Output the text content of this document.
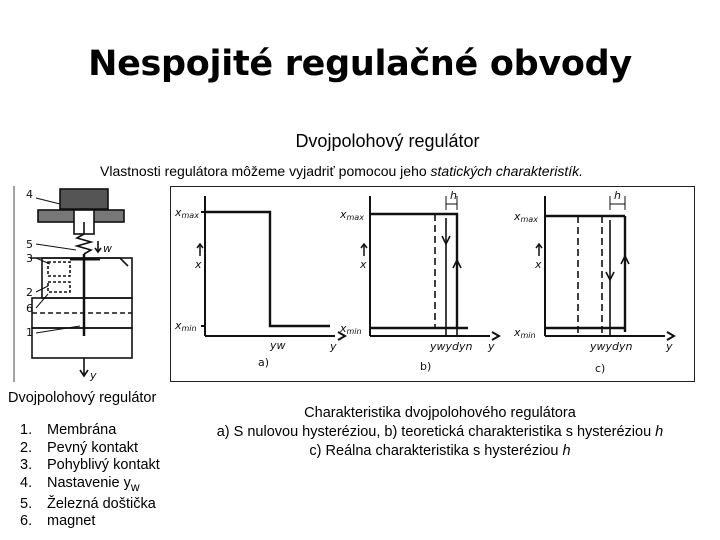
Nespojité regulačné obvody
Dvojpolohový regulátor
Vlastnosti regulátora môžeme vyjadriť pomocou jeho statických charakteristík.
4
5
3
2
6
1
w
y
xmax
xmin
x
y
yw
a)
xmax
xmin
x
y
h
ywydyn
b)
xmax
xmin
x
y
h
ywydyn
c)
Dvojpolohový regulátor
1.	Membrána
2.	Pevný kontakt
3.	Pohyblivý kontakt
4.	Nastavenie $y_w$
5.	Železná doštička
6.	magnet
Charakteristika dvojpolohového regulátora
a) S nulovou hysteréziou, b) teoretická charakteristika s hysteréziou h
c) Reálna charakteristika s hysteréziou h
